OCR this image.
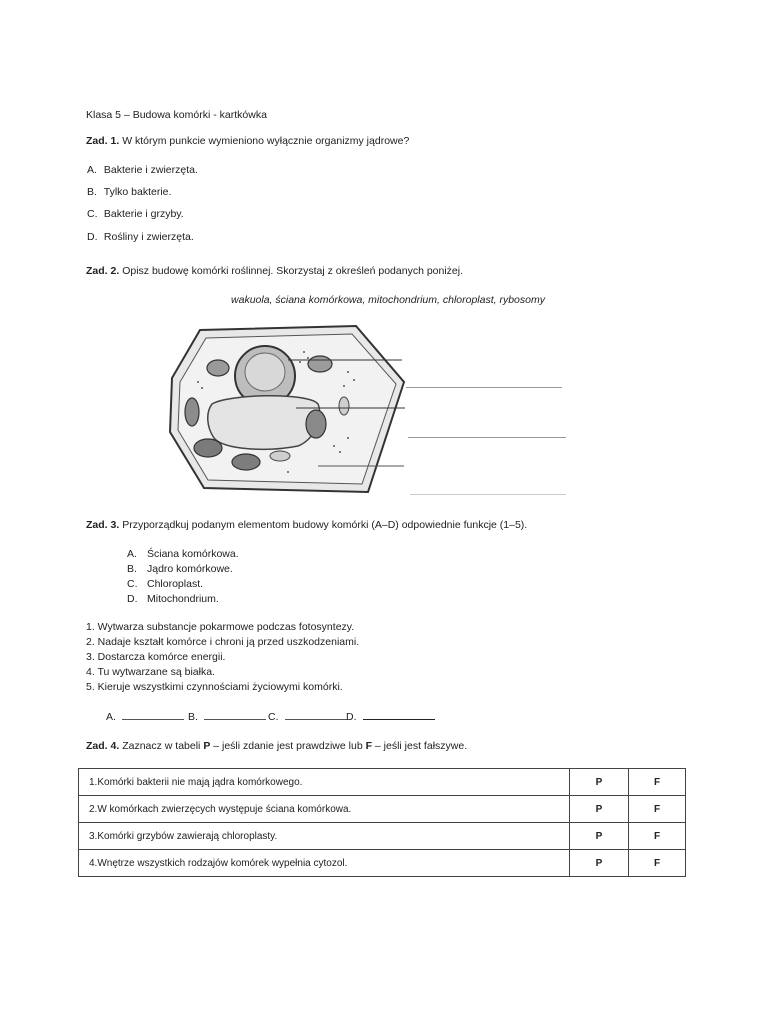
Klasa 5 – Budowa komórki - kartkówka
Zad. 1. W którym punkcie wymieniono wyłącznie organizmy jądrowe?
A. Bakterie i zwierzęta.
B. Tylko bakterie.
C. Bakterie i grzyby.
D. Rośliny i zwierzęta.
Zad. 2. Opisz budowę komórki roślinnej. Skorzystaj z określeń podanych poniżej.
wakuola, ściana komórkowa, mitochondrium, chloroplast, rybosomy
Zad. 3. Przyporządkuj podanym elementom budowy komórki (A–D) odpowiednie funkcje (1–5).
A. Ściana komórkowa.
B. Jądro komórkowe.
C. Chloroplast.
D. Mitochondrium.
1. Wytwarza substancje pokarmowe podczas fotosyntezy.
2. Nadaje kształt komórce i chroni ją przed uszkodzeniami.
3. Dostarcza komórce energii.
4. Tu wytwarzane są białka.
5. Kieruje wszystkimi czynnościami życiowymi komórki.
A.	B.	C.	D.
Zad. 4. Zaznacz w tabeli P – jeśli zdanie jest prawdziwe lub F – jeśli jest fałszywe.
1.Komórki bakterii nie mają jądra komórkowego.	P	F
2.W komórkach zwierzęcych występuje ściana komórkowa.	P	F
3.Komórki grzybów zawierają chloroplasty.	P	F
4.Wnętrze wszystkich rodzajów komórek wypełnia cytozol.	P	F
